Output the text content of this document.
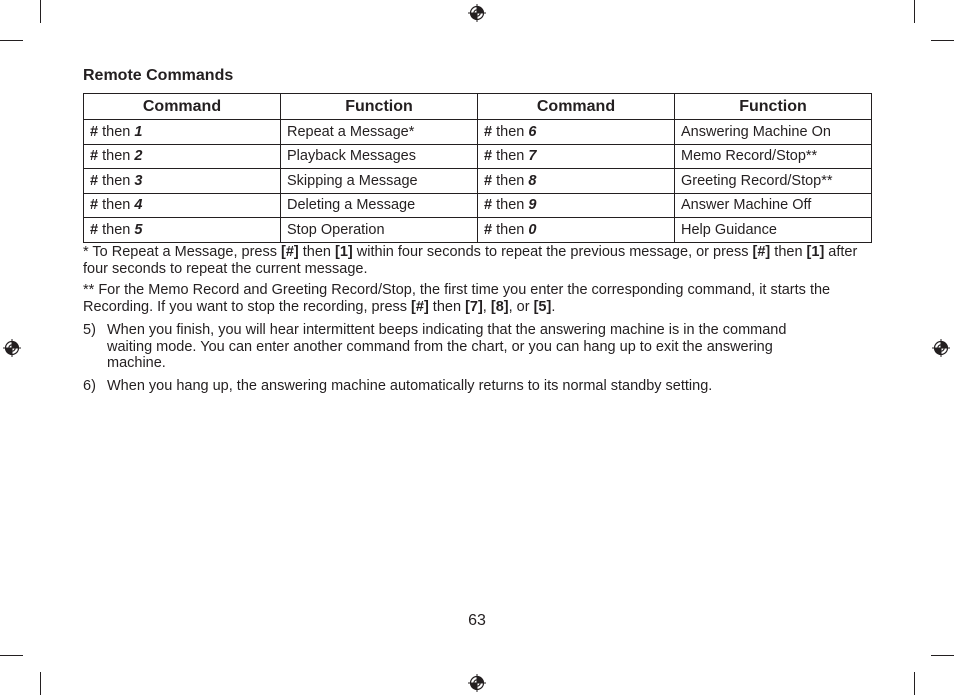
Remote Commands
Command	Function	Command	Function
# then 1	Repeat a Message*	# then 6	Answering Machine On
# then 2	Playback Messages	# then 7	Memo Record/Stop**
# then 3	Skipping a Message	# then 8	Greeting Record/Stop**
# then 4	Deleting a Message	# then 9	Answer Machine Off
# then 5	Stop Operation	# then 0	Help Guidance

* To Repeat a Message, press [#] then [1] within four seconds to repeat the previous message, or press [#] then [1] after four seconds to repeat the current message.

** For the Memo Record and Greeting Record/Stop, the first time you enter the corresponding command, it starts the Recording. If you want to stop the recording, press [#] then [7], [8], or [5].

5) When you finish, you will hear intermittent beeps indicating that the answering machine is in the command waiting mode. You can enter another command from the chart, or you can hang up to exit the answering machine.
6) When you hang up, the answering machine automatically returns to its normal standby setting.
63
